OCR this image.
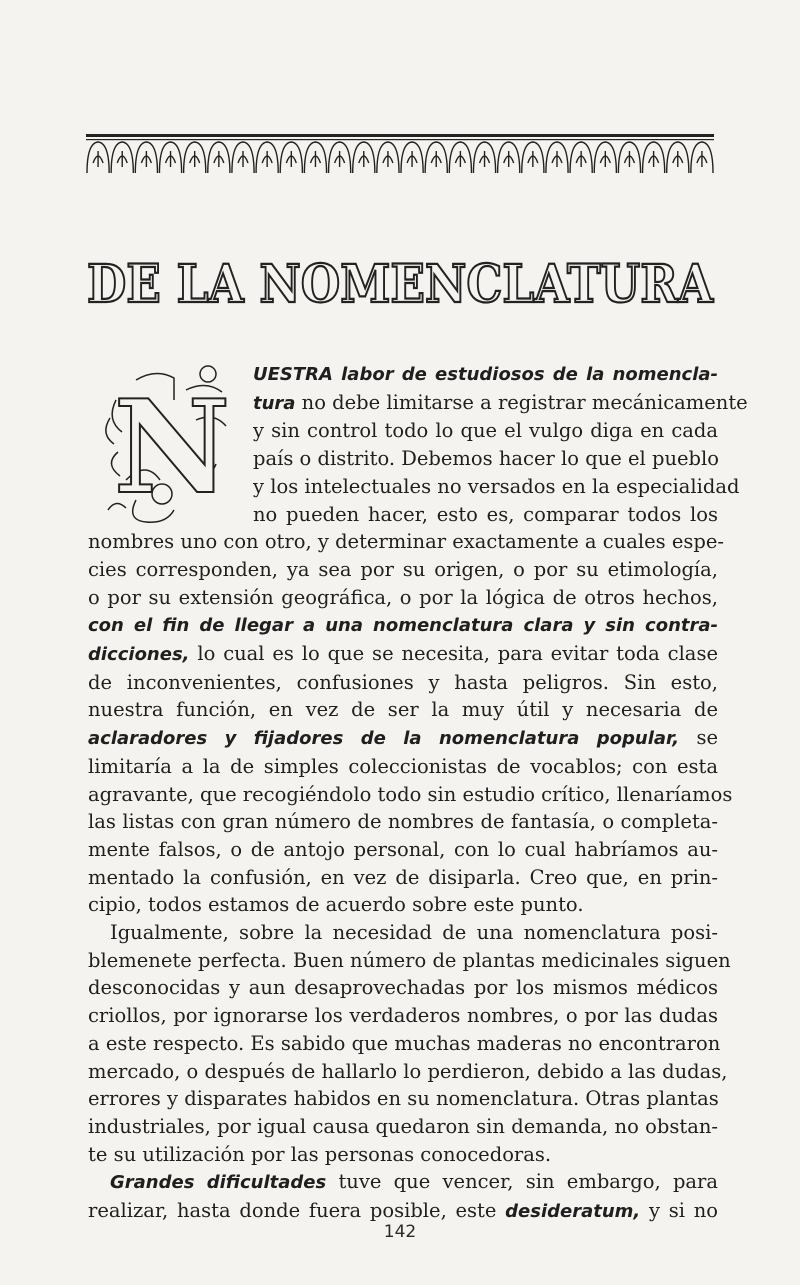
DE LA NOMENCLATURA
N	UESTRA labor de estudiosos de la nomencla-
tura no debe limitarse a registrar mecánicamente
y sin control todo lo que el vulgo diga en cada
país o distrito. Debemos hacer lo que el pueblo
y los intelectuales no versados en la especialidad
no pueden hacer, esto es, comparar todos los
nombres uno con otro, y determinar exactamente a cuales espe-
cies corresponden, ya sea por su origen, o por su etimología,
o por su extensión geográfica, o por la lógica de otros hechos,
con el fin de llegar a una nomenclatura clara y sin contra-
dicciones, lo cual es lo que se necesita, para evitar toda clase
de inconvenientes, confusiones y hasta peligros. Sin esto,
nuestra función, en vez de ser la muy útil y necesaria de
aclaradores y fijadores de la nomenclatura popular, se
limitaría a la de simples coleccionistas de vocablos; con esta
agravante, que recogiéndolo todo sin estudio crítico, llenaríamos
las listas con gran número de nombres de fantasía, o completa-
mente falsos, o de antojo personal, con lo cual habríamos au-
mentado la confusión, en vez de disiparla. Creo que, en prin-
cipio, todos estamos de acuerdo sobre este punto.
Igualmente, sobre la necesidad de una nomenclatura posi-
blemenete perfecta. Buen número de plantas medicinales siguen
desconocidas y aun desaprovechadas por los mismos médicos
criollos, por ignorarse los verdaderos nombres, o por las dudas
a este respecto. Es sabido que muchas maderas no encontraron
mercado, o después de hallarlo lo perdieron, debido a las dudas,
errores y disparates habidos en su nomenclatura. Otras plantas
industriales, por igual causa quedaron sin demanda, no obstan-
te su utilización por las personas conocedoras.
Grandes dificultades tuve que vencer, sin embargo, para
realizar, hasta donde fuera posible, este desideratum, y si no
142
